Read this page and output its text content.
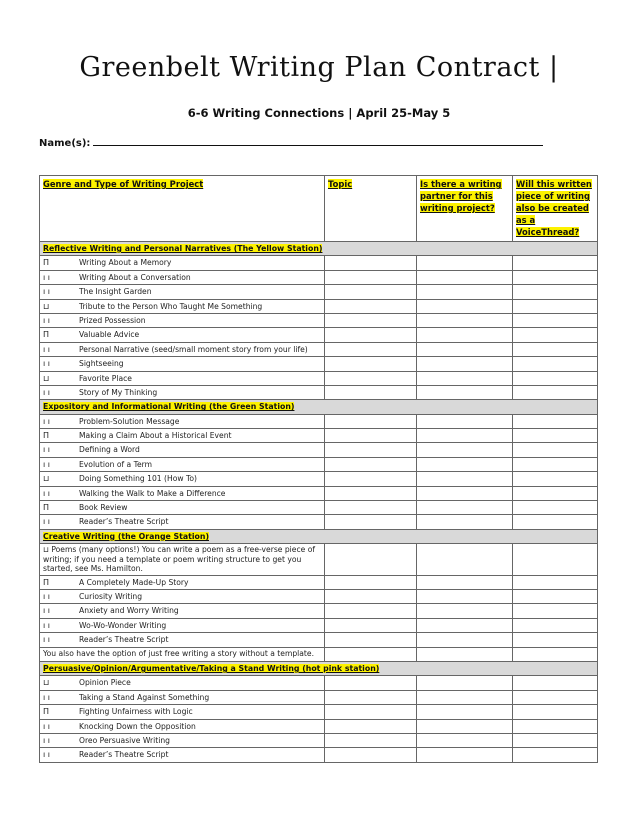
Greenbelt Writing Plan Contract |
6-6 Writing Connections | April 25-May 5
Name(s):
Genre and Type of Writing Project	Topic	Is there a writing partner for this writing project?	Will this written piece of writing also be created as a VoiceThread?
Reflective Writing and Personal Narratives (The Yellow Station)			
Π Writing About a Memory			
ı ı Writing About a Conversation			
ı ı The Insight Garden			
⊔ Tribute to the Person Who Taught Me Something			
ı ı Prized Possession			
Π Valuable Advice			
ı ı Personal Narrative (seed/small moment story from your life)			
ı ı Sightseeing			
⊔ Favorite Place			
ı ı Story of My Thinking			
Expository and Informational Writing (the Green Station)			
ı ı Problem-Solution Message			
Π Making a Claim About a Historical Event			
ı ı Defining a Word			
ı ı Evolution of a Term			
⊔ Doing Something 101 (How To)			
ı ı Walking the Walk to Make a Difference			
Π Book Review			
ı ı Reader’s Theatre Script			
Creative Writing (the Orange Station)			
⊔ Poems (many options!) You can write a poem as a free-verse piece of writing; if you need a template or poem writing structure to get you started, see Ms. Hamilton.			
Π A Completely Made-Up Story			
ı ı Curiosity Writing			
ı ı Anxiety and Worry Writing			
ı ı Wo-Wo-Wonder Writing			
ı ı Reader’s Theatre Script			
You also have the option of just free writing a story without a template.			
Persuasive/Opinion/Argumentative/Taking a Stand Writing (hot pink station)			
⊔ Opinion Piece			
ı ı Taking a Stand Against Something			
Π Fighting Unfairness with Logic			
ı ı Knocking Down the Opposition			
ı ı Oreo Persuasive Writing			
ı ı Reader’s Theatre Script			
